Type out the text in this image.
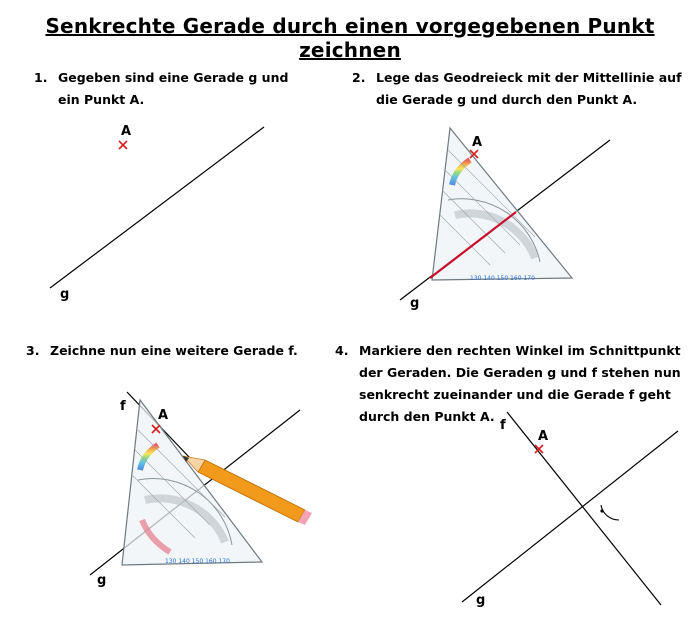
Senkrechte Gerade durch einen vorgegebenen Punkt zeichnen
1. Gegeben sind eine Gerade g und
ein Punkt A.
2. Lege das Geodreieck mit der Mittellinie auf
die Gerade g und durch den Punkt A.
3. Zeichne nun eine weitere Gerade f.	4. Markiere den rechten Winkel im Schnittpunkt
der Geraden. Die Geraden g und f stehen nun
senkrecht zueinander und die Gerade f geht
durch den Punkt A.
A
g
130 140 150 160 170
A
g
130 140 150 160 170
A
f
g
A
f
g
